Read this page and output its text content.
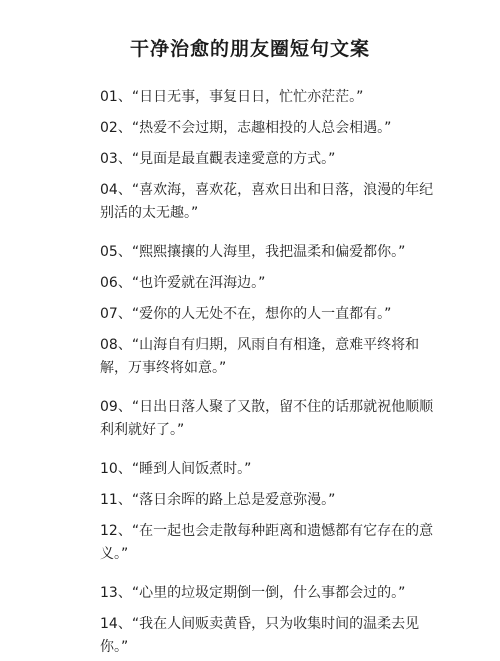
干净治愈的朋友圈短句文案
01、“日日无事，事复日日，忙忙亦茫茫。”
02、“热爱不会过期，志趣相投的人总会相遇。”
03、“見面是最直觀表達愛意的方式。”
04、“喜欢海，喜欢花，喜欢日出和日落，浪漫的年纪别活的太无趣。”
05、“熙熙攘攘的人海里，我把温柔和偏爱都你。”
06、“也许爱就在洱海边。”
07、“爱你的人无处不在，想你的人一直都有。”
08、“山海自有归期，风雨自有相逢，意难平终将和解，万事终将如意。”
09、“日出日落人聚了又散，留不住的话那就祝他顺顺利利就好了。”
10、“睡到人间饭煮时。”
11、“落日余晖的路上总是爱意弥漫。”
12、“在一起也会走散每种距离和遗憾都有它存在的意义。”
13、“心里的垃圾定期倒一倒，什么事都会过的。”
14、“我在人间贩卖黄昏，只为收集时间的温柔去见你。”
